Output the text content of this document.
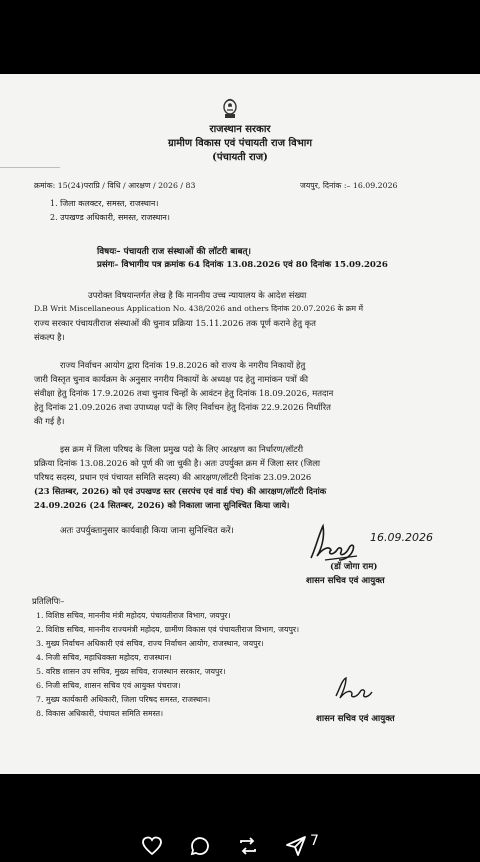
राजस्थान सरकार
ग्रामीण विकास एवं पंचायती राज विभाग
(पंचायती राज)
क्रमांक: 15(24)पराप्रि / विधि / आरक्षण / 2026 / 83	जयपुर, दिनांक :– 16.09.2026
1. जिला कलक्टर, समस्त, राजस्थान।
2. उपखण्ड अधिकारी, समस्त, राजस्थान।
विषयः– पंचायती राज संस्थाओं की लॉटरी बाबत्।
प्रसंगः– विभागीय पत्र क्रमांक 64 दिनांक 13.08.2026 एवं 80 दिनांक 15.09.2026
उपरोक्त विषयान्तर्गत लेख है कि माननीय उच्च न्यायालय के आदेश संख्या
D.B Writ Miscellaneous Application No. 438/2026 and others दिनांक 20.07.2026 के क्रम में
राज्य सरकार पंचायतीराज संस्थाओं की चुनाव प्रक्रिया 15.11.2026 तक पूर्ण कराने हेतु कृत
संकल्प है।
राज्य निर्वाचन आयोग द्वारा दिनांक 19.8.2026 को राज्य के नगरीय निकायों हेतु
जारी विस्तृत चुनाव कार्यक्रम के अनुसार नगरीय निकायों के अध्यक्ष पद हेतु नामांकन पत्रों की
संवीक्षा हेतु दिनांक 17.9.2026 तथा चुनाव चिन्हों के आवंटन हेतु दिनांक 18.09.2026, मतदान
हेतु दिनांक 21.09.2026 तथा उपाध्यक्ष पदों के लिए निर्वाचन हेतु दिनांक 22.9.2026 निर्धारित
की गई है।
इस क्रम में जिला परिषद के जिला प्रमुख पदो के लिए आरक्षण का निर्धारण/लॉटरी
प्रक्रिया दिनांक 13.08.2026 को पूर्ण की जा चुकी है। अतः उपर्युक्त क्रम में जिला स्तर (जिला
परिषद सदस्य, प्रधान एवं पंचायत समिति सदस्य) की आरक्षण/लॉटरी दिनांक 23.09.2026
(23 सितम्बर, 2026) को एवं उपखण्ड स्तर (सरपंच एवं वार्ड पंच) की आरक्षण/लॉटरी दिनांक
24.09.2026 (24 सितम्बर, 2026) को निकाला जाना सुनिश्चित किया जाये।
अतः उपर्युक्तानुसार कार्यवाही किया जाना सुनिश्चित करें।	16.09.2026
(डॉ जोगा राम)
शासन सचिव एवं आयुक्त
प्रतिलिपिः–
1. विशिष्ठ सचिव, माननीय मंत्री महोदय, पंचायतीराज विभाग, जयपुर।
2. विशिष्ठ सचिव, माननीय राज्यमंत्री महोदय, ग्रामीण विकास एवं पंचायतीराज विभाग, जयपुर।
3. मुख्य निर्वाचन अधिकारी एवं सचिव, राज्य निर्वाचन आयोग, राजस्थान, जयपुर।
4. निजी सचिव, महाधिवक्ता महोदय, राजस्थान।
5. वरिष्ठ शासन उप सचिव, मुख्य सचिव, राजस्थान सरकार, जयपुर।
6. निजी सचिव, शासन सचिव एवं आयुक्त पंचराज।
7. मुख्य कार्यकारी अधिकारी, जिला परिषद समस्त, राजस्थान।
8. विकास अधिकारी, पंचायत समिति समस्त।
शासन सचिव एवं आयुक्त
7
